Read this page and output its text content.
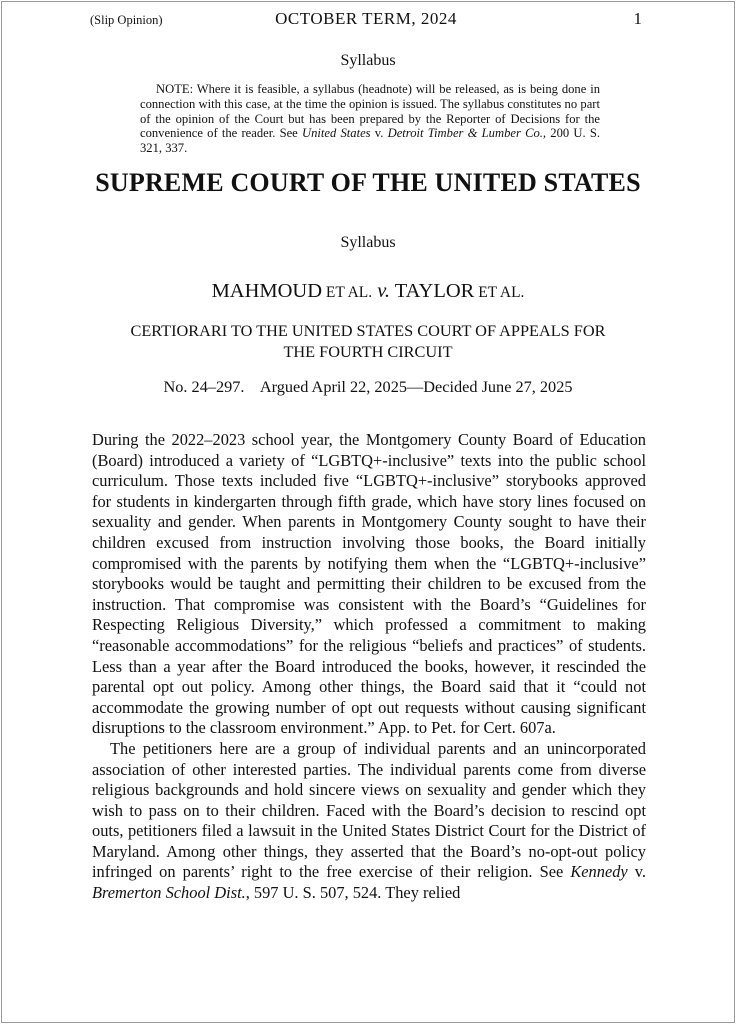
(Slip Opinion)	OCTOBER TERM, 2024	1
Syllabus
NOTE: Where it is feasible, a syllabus (headnote) will be released, as is being done in connection with this case, at the time the opinion is issued. The syllabus constitutes no part of the opinion of the Court but has been prepared by the Reporter of Decisions for the convenience of the reader. See United States v. Detroit Timber & Lumber Co., 200 U. S. 321, 337.
SUPREME COURT OF THE UNITED STATES
Syllabus
MAHMOUD ET AL. v. TAYLOR ET AL.
CERTIORARI TO THE UNITED STATES COURT OF APPEALS FOR
THE FOURTH CIRCUIT
No. 24–297.    Argued April 22, 2025—Decided June 27, 2025

During the 2022–2023 school year, the Montgomery County Board of Education (Board) introduced a variety of “LGBTQ+-inclusive” texts into the public school curriculum. Those texts included five “LGBTQ+-inclusive” storybooks approved for students in kindergarten through fifth grade, which have story lines focused on sexuality and gender. When parents in Montgomery County sought to have their children excused from instruction involving those books, the Board initially compromised with the parents by notifying them when the “LGBTQ+-inclusive” storybooks would be taught and permitting their children to be excused from the instruction. That compromise was consistent with the Board’s “Guidelines for Respecting Religious Diversity,” which professed a commitment to making “reasonable accommodations” for the religious “beliefs and practices” of students. Less than a year after the Board introduced the books, however, it rescinded the parental opt out policy. Among other things, the Board said that it “could not accommodate the growing number of opt out requests without causing significant disruptions to the classroom environment.” App. to Pet. for Cert. 607a.

The petitioners here are a group of individual parents and an unincorporated association of other interested parties. The individual parents come from diverse religious backgrounds and hold sincere views on sexuality and gender which they wish to pass on to their children. Faced with the Board’s decision to rescind opt outs, petitioners filed a lawsuit in the United States District Court for the District of Maryland. Among other things, they asserted that the Board’s no-opt-out policy infringed on parents’ right to the free exercise of their religion. See Kennedy v. Bremerton School Dist., 597 U. S. 507, 524. They relied
